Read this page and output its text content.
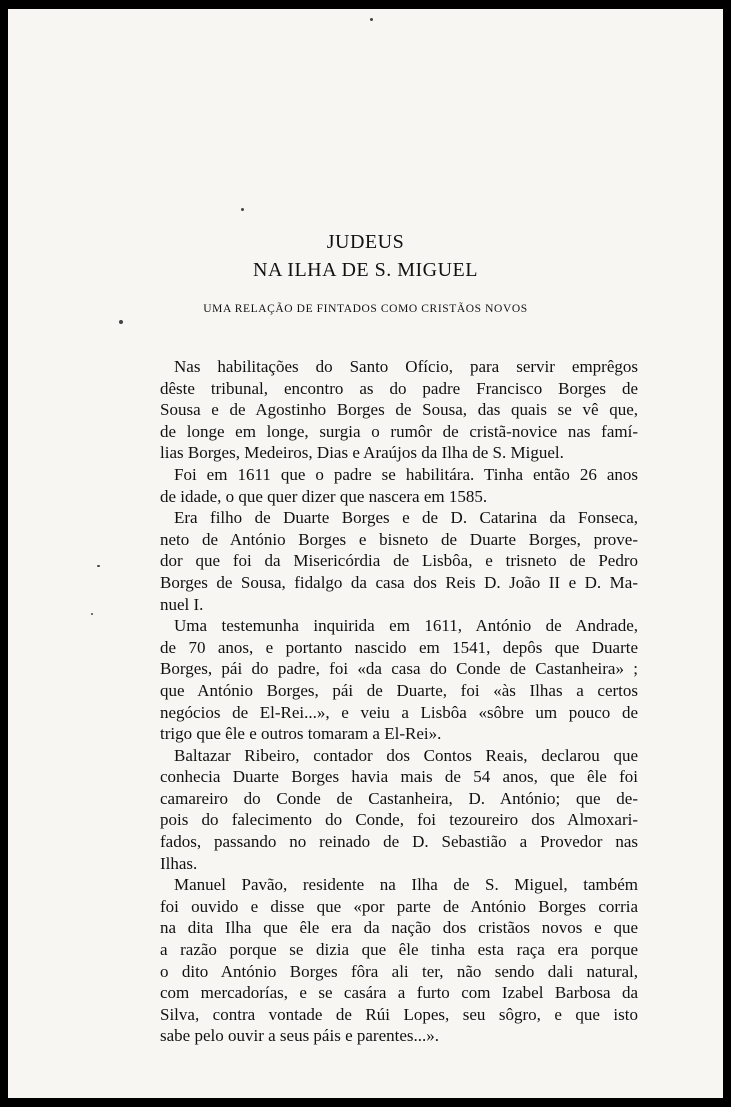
JUDEUS
NA ILHA DE S. MIGUEL
UMA RELAÇÃO DE FINTADOS COMO CRISTÃOS NOVOS
Nas habilitações do Santo Ofício, para servir emprêgos
dêste tribunal, encontro as do padre Francisco Borges de
Sousa e de Agostinho Borges de Sousa, das quais se vê que,
de longe em longe, surgia o rumôr de cristã-novice nas famí-
lias Borges, Medeiros, Dias e Araújos da Ilha de S. Miguel.
Foi em 1611 que o padre se habilitára. Tinha então 26 anos
de idade, o que quer dizer que nascera em 1585.
Era filho de Duarte Borges e de D. Catarina da Fonseca,
neto de António Borges e bisneto de Duarte Borges, prove-
dor que foi da Misericórdia de Lisbôa, e trisneto de Pedro
Borges de Sousa, fidalgo da casa dos Reis D. João II e D. Ma-
nuel I.
Uma testemunha inquirida em 1611, António de Andrade,
de 70 anos, e portanto nascido em 1541, depôs que Duarte
Borges, pái do padre, foi «da casa do Conde de Castanheira» ;
que António Borges, pái de Duarte, foi «às Ilhas a certos
negócios de El-Rei...», e veiu a Lisbôa «sôbre um pouco de
trigo que êle e outros tomaram a El-Rei».
Baltazar Ribeiro, contador dos Contos Reais, declarou que
conhecia Duarte Borges havia mais de 54 anos, que êle foi
camareiro do Conde de Castanheira, D. António; que de-
pois do falecimento do Conde, foi tezoureiro dos Almoxari-
fados, passando no reinado de D. Sebastião a Provedor nas
Ilhas.
Manuel Pavão, residente na Ilha de S. Miguel, também
foi ouvido e disse que «por parte de António Borges corria
na dita Ilha que êle era da nação dos cristãos novos e que
a razão porque se dizia que êle tinha esta raça era porque
o dito António Borges fôra ali ter, não sendo dali natural,
com mercadorías, e se casára a furto com Izabel Barbosa da
Silva, contra vontade de Rúi Lopes, seu sôgro, e que isto
sabe pelo ouvir a seus páis e parentes...».
